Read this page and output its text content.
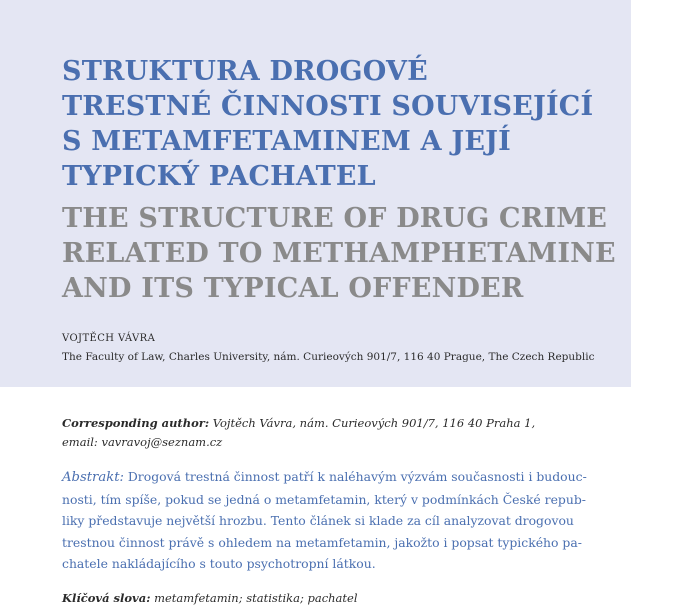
STRUKTURA DROGOVÉ
TRESTNÉ ČINNOSTI SOUVISEJÍCÍ
S METAMFETAMINEM A JEJÍ
TYPICKÝ PACHATEL
THE STRUCTURE OF DRUG CRIME
RELATED TO METHAMPHETAMINE
AND ITS TYPICAL OFFENDER
VOJTĚCH VÁVRA
The Faculty of Law, Charles University, nám. Curieových 901/7, 116 40 Prague, The Czech Republic
Corresponding author: Vojtěch Vávra, nám. Curieových 901/7, 116 40 Praha 1,
email: vavravoj@seznam.cz
Abstrakt: Drogová trestná činnost patří k naléhavým výzvám současnosti i budouc-
nosti, tím spíše, pokud se jedná o metamfetamin, který v podmínkách České repub-
liky představuje největší hrozbu. Tento článek si klade za cíl analyzovat drogovou
trestnou činnost právě s ohledem na metamfetamin, jakožto i popsat typického pa-
chatele nakládajícího s touto psychotropní látkou.
Klíčová slova: metamfetamin; statistika; pachatel
